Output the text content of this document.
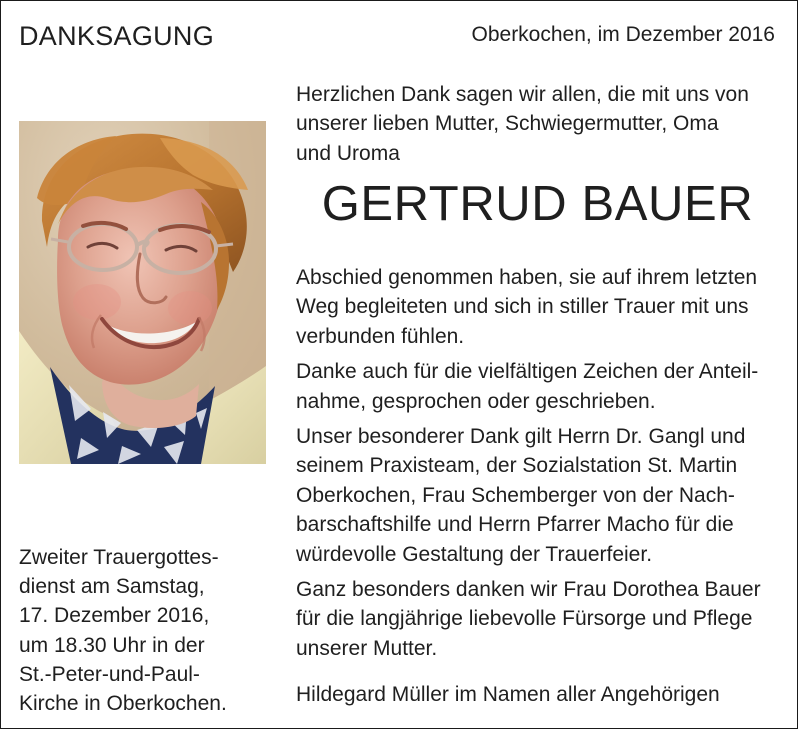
DANKSAGUNG	Oberkochen, im Dezember 2016
Herzlichen Dank sagen wir allen, die mit uns von
unserer lieben Mutter, Schwiegermutter, Oma
und Uroma
GERTRUD BAUER
Abschied genommen haben, sie auf ihrem letzten
Weg begleiteten und sich in stiller Trauer mit uns
verbunden fühlen.
Danke auch für die vielfältigen Zeichen der Anteil-
nahme, gesprochen oder geschrieben.
Unser besonderer Dank gilt Herrn Dr. Gangl und
seinem Praxisteam, der Sozialstation St. Martin
Oberkochen, Frau Schemberger von der Nach-
barschaftshilfe und Herrn Pfarrer Macho für die
würdevolle Gestaltung der Trauerfeier.
Ganz besonders danken wir Frau Dorothea Bauer
für die langjährige liebevolle Fürsorge und Pflege
unserer Mutter.
Zweiter Trauergottes-
dienst am Samstag,
17. Dezember 2016,
um 18.30 Uhr in der
St.-Peter-und-Paul-
Kirche in Oberkochen.	Hildegard Müller im Namen aller Angehörigen
